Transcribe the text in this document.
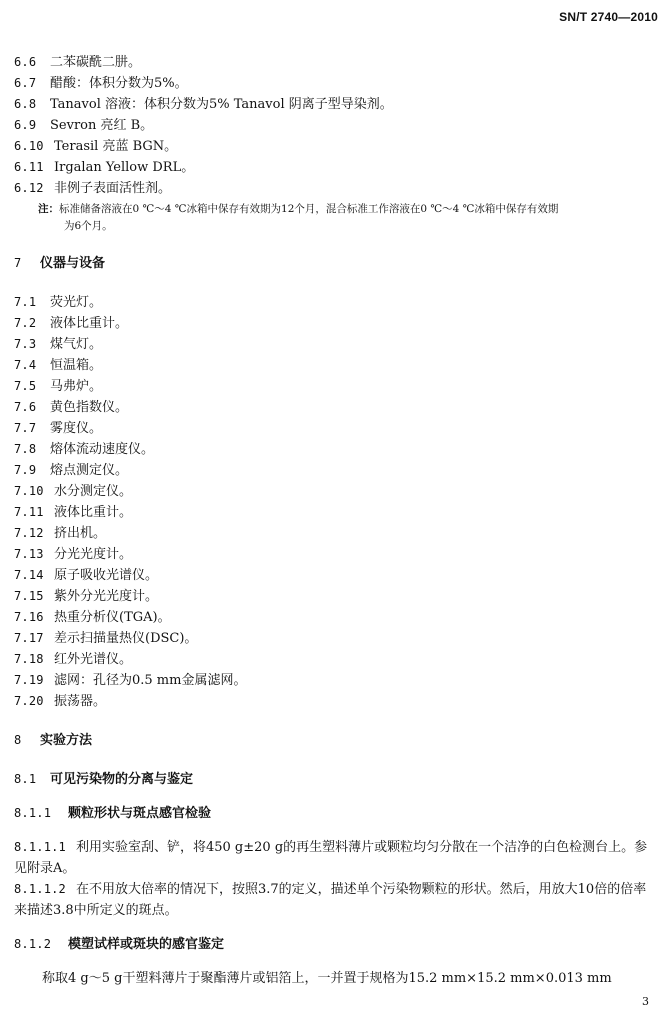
SN/T 2740—2010
6.6 二苯碳酰二肼。
6.7 醋酸：体积分数为5%。
6.8 Tanavol 溶液：体积分数为5% Tanavol 阴离子型导染剂。
6.9 Sevron 亮红 B。
6.10 Terasil 亮蓝 BGN。
6.11 Irgalan Yellow DRL。
6.12 非例子表面活性剂。
注：标准储备溶液在0 ℃～4 ℃冰箱中保存有效期为12个月，混合标准工作溶液在0 ℃～4 ℃冰箱中保存有效期
为6个月。
7 仪器与设备
7.1 荧光灯。
7.2 液体比重计。
7.3 煤气灯。
7.4 恒温箱。
7.5 马弗炉。
7.6 黄色指数仪。
7.7 雾度仪。
7.8 熔体流动速度仪。
7.9 熔点测定仪。
7.10 水分测定仪。
7.11 液体比重计。
7.12 挤出机。
7.13 分光光度计。
7.14 原子吸收光谱仪。
7.15 紫外分光光度计。
7.16 热重分析仪(TGA)。
7.17 差示扫描量热仪(DSC)。
7.18 红外光谱仪。
7.19 滤网：孔径为0.5 mm金属滤网。
7.20 振荡器。
8 实验方法
8.1 可见污染物的分离与鉴定
8.1.1 颗粒形状与斑点感官检验
8.1.1.1 利用实验室刮、铲，将450 g±20 g的再生塑料薄片或颗粒均匀分散在一个洁净的白色检测台上。参见附录A。
8.1.1.2 在不用放大倍率的情况下，按照3.7的定义，描述单个污染物颗粒的形状。然后，用放大10倍的倍率来描述3.8中所定义的斑点。
8.1.2 模塑试样或斑块的感官鉴定
称取4 g～5 g干塑料薄片于聚酯薄片或铝箔上，一并置于规格为15.2 mm×15.2 mm×0.013 mm
3
